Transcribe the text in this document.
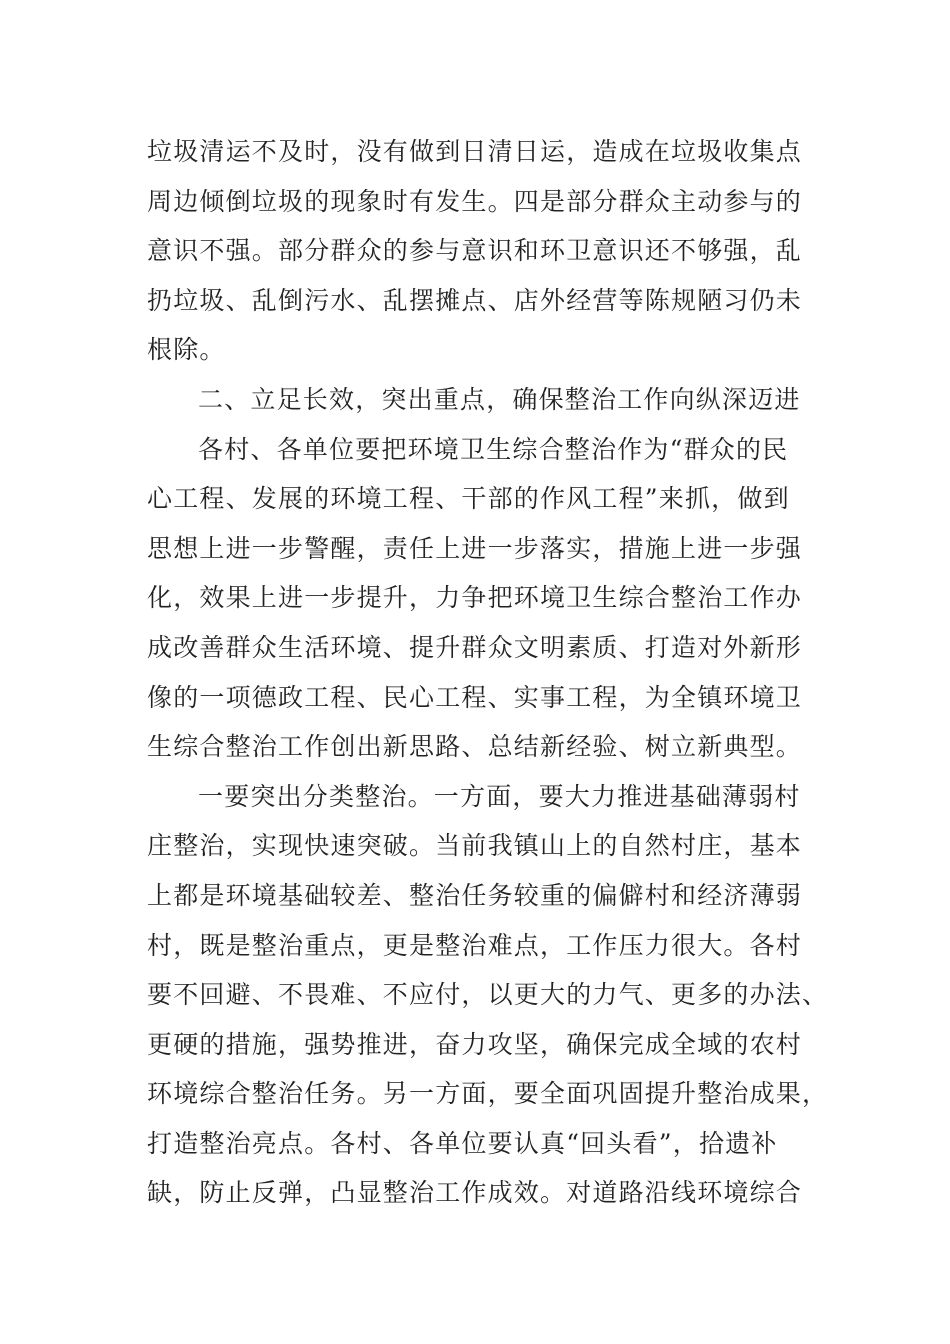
垃圾清运不及时，没有做到日清日运，造成在垃圾收集点
周边倾倒垃圾的现象时有发生。四是部分群众主动参与的
意识不强。部分群众的参与意识和环卫意识还不够强，乱
扔垃圾、乱倒污水、乱摆摊点、店外经营等陈规陋习仍未
根除。
二、立足长效，突出重点，确保整治工作向纵深迈进
各村、各单位要把环境卫生综合整治作为“群众的民
心工程、发展的环境工程、干部的作风工程”来抓，做到
思想上进一步警醒，责任上进一步落实，措施上进一步强
化，效果上进一步提升，力争把环境卫生综合整治工作办
成改善群众生活环境、提升群众文明素质、打造对外新形
像的一项德政工程、民心工程、实事工程，为全镇环境卫
生综合整治工作创出新思路、总结新经验、树立新典型。
一要突出分类整治。一方面，要大力推进基础薄弱村
庄整治，实现快速突破。当前我镇山上的自然村庄，基本
上都是环境基础较差、整治任务较重的偏僻村和经济薄弱
村，既是整治重点，更是整治难点，工作压力很大。各村
要不回避、不畏难、不应付，以更大的力气、更多的办法、
更硬的措施，强势推进，奋力攻坚，确保完成全域的农村
环境综合整治任务。另一方面，要全面巩固提升整治成果，
打造整治亮点。各村、各单位要认真“回头看”，拾遗补
缺，防止反弹，凸显整治工作成效。对道路沿线环境综合
